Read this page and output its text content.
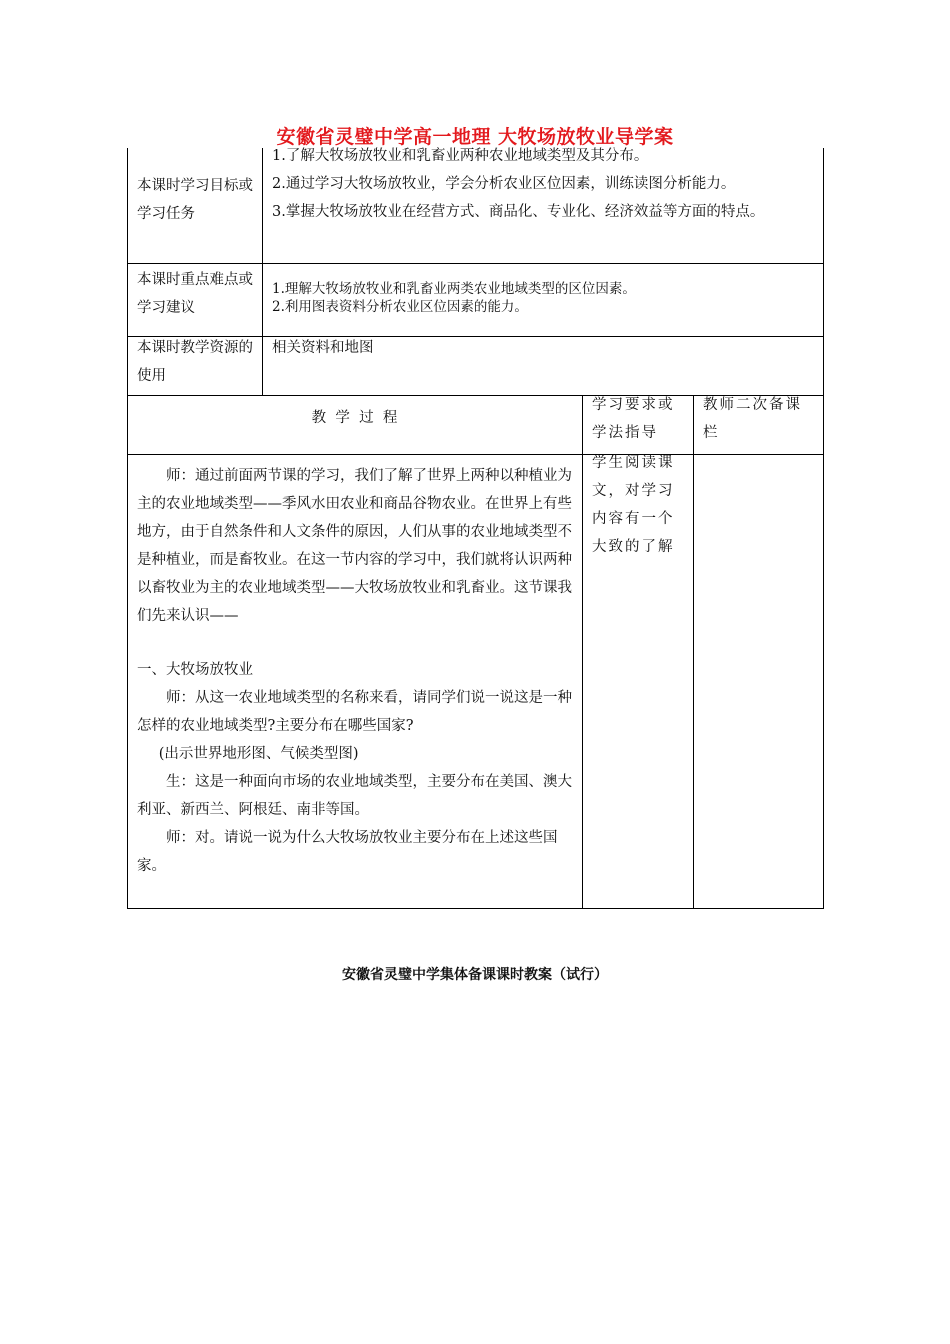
安徽省灵璧中学高一地理 大牧场放牧业导学案
本课时学习目标或学习任务

1.了解大牧场放牧业和乳畜业两种农业地域类型及其分布。

2.通过学习大牧场放牧业，学会分析农业区位因素，训练读图分析能力。

3.掌握大牧场放牧业在经营方式、商品化、专业化、经济效益等方面的特点。

本课时重点难点或学习建议

1.理解大牧场放牧业和乳畜业两类农业地域类型的区位因素。

2.利用图表资料分析农业区位因素的能力。

本课时教学资源的使用
相关资料和地图
教  学  过  程
学习要求或学法指导
教师二次备课栏

师：通过前面两节课的学习，我们了解了世界上两种以种植业为主的农业地域类型——季风水田农业和商品谷物农业。在世界上有些地方，由于自然条件和人文条件的原因，人们从事的农业地域类型不是种植业，而是畜牧业。在这一节内容的学习中，我们就将认识两种以畜牧业为主的农业地域类型——大牧场放牧业和乳畜业。这节课我们先来认识——

一、大牧场放牧业

师：从这一农业地域类型的名称来看，请同学们说一说这是一种怎样的农业地域类型?主要分布在哪些国家?

(出示世界地形图、气候类型图)

生：这是一种面向市场的农业地域类型，主要分布在美国、澳大利亚、新西兰、阿根廷、南非等国。

师：对。请说一说为什么大牧场放牧业主要分布在上述这些国家。

学生阅读课文，对学习内容有一个大致的了解
安徽省灵璧中学集体备课课时教案（试行）
